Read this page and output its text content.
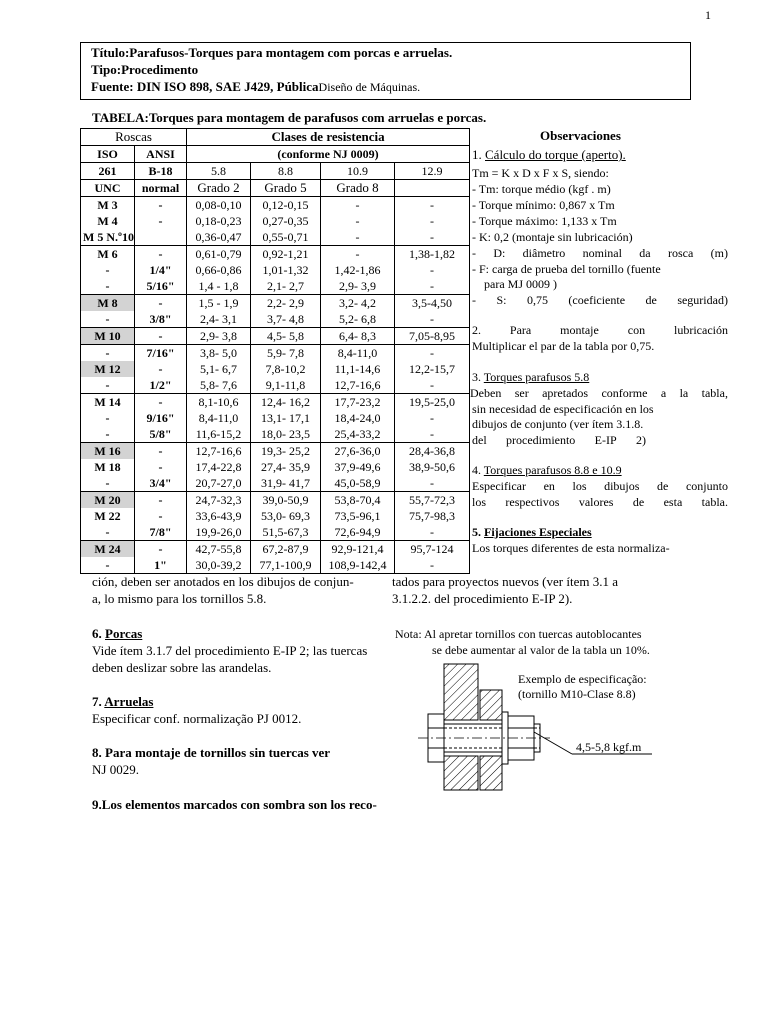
1
Título:Parafusos-Torques para montagem com porcas e arruelas.
Tipo:Procedimento
Fuente: DIN ISO 898, SAE J429, PúblicaDiseño de Máquinas.
TABELA:Torques para montagem de parafusos com arruelas e porcas.
Roscas		Clases de resistencia			
ISO	ANSI	(conforme NJ 0009)			
261	B-18	5.8	8.8	10.9	12.9
UNC	normal	Grado 2	Grado 5	Grado 8	
M 3	-	0,08-0,10	0,12-0,15	-	-
M 4	-	0,18-0,23	0,27-0,35	-	-
M 5 N.º10		0,36-0,47	0,55-0,71	-	-
M 6	-	0,61-0,79	0,92-1,21	-	1,38-1,82
-	1/4"	0,66-0,86	1,01-1,32	1,42-1,86	-
-	5/16"	1,4 - 1,8	2,1- 2,7	2,9- 3,9	-
M 8	-	1,5 - 1,9	2,2- 2,9	3,2- 4,2	3,5-4,50
-	3/8"	2,4- 3,1	3,7- 4,8	5,2- 6,8	-
M 10	-	2,9- 3,8	4,5- 5,8	6,4- 8,3	7,05-8,95
-	7/16"	3,8- 5,0	5,9- 7,8	8,4-11,0	-
M 12	-	5,1- 6,7	7,8-10,2	11,1-14,6	12,2-15,7
-	1/2"	5,8- 7,6	9,1-11,8	12,7-16,6	-
M 14	-	8,1-10,6	12,4- 16,2	17,7-23,2	19,5-25,0
-	9/16"	8,4-11,0	13,1- 17,1	18,4-24,0	-
-	5/8"	11,6-15,2	18,0- 23,5	25,4-33,2	-
M 16	-	12,7-16,6	19,3- 25,2	27,6-36,0	28,4-36,8
M 18	-	17,4-22,8	27,4- 35,9	37,9-49,6	38,9-50,6
-	3/4"	20,7-27,0	31,9- 41,7	45,0-58,9	-
M 20	-	24,7-32,3	39,0-50,9	53,8-70,4	55,7-72,3
M 22	-	33,6-43,9	53,0- 69,3	73,5-96,1	75,7-98,3
-	7/8"	19,9-26,0	51,5-67,3	72,6-94,9	-
M 24	-	42,7-55,8	67,2-87,9	92,9-121,4	95,7-124
-	1"	30,0-39,2	77,1-100,9	108,9-142,4	-
Observaciones
1. Cálculo do torque (aperto).
Tm = K x D x F x S, siendo:
- Tm: torque médio (kgf . m)
- Torque mínimo: 0,867 x Tm
- Torque máximo: 1,133 x Tm
- K: 0,2 (montaje sin lubricación)
- D: diâmetro nominal da rosca (m)
- F: carga de prueba del tornillo (fuente
para MJ 0009 )
- S: 0,75 (coeficiente de seguridad)
2. Para montaje con lubricación
Multiplicar el par de la tabla por 0,75.
3. Torques parafusos 5.8
Deben ser apretados conforme a la tabla,
sin necesidad de especificación en los
dibujos de conjunto (ver ítem 3.1.8.
del procedimiento E-IP 2)
4. Torques parafusos 8.8 e 10.9
Especificar en los dibujos de conjunto
los respectivos valores de esta tabla.
5. Fijaciones Especiales
Los torques diferentes de esta normaliza-
ción, deben ser anotados en los dibujos de conjun-	tados para proyectos nuevos (ver ítem 3.1 a
a, lo mismo para los tornillos 5.8.	3.1.2.2. del procedimiento E-IP 2).
6. Porcas
Vide ítem 3.1.7 del procedimiento E-IP 2; las tuercas
deben deslizar sobre las arandelas.
Nota: Al apretar tornillos con tuercas autoblocantes
se debe aumentar al valor de la tabla un 10%.
7. Arruelas
Especificar conf. normalização PJ 0012.
8. Para montaje de tornillos sin tuercas ver
NJ 0029.
9.Los elementos marcados con sombra son los reco-
Exemplo de especificação:
(tornillo M10-Clase 8.8)
4,5-5,8 kgf.m
